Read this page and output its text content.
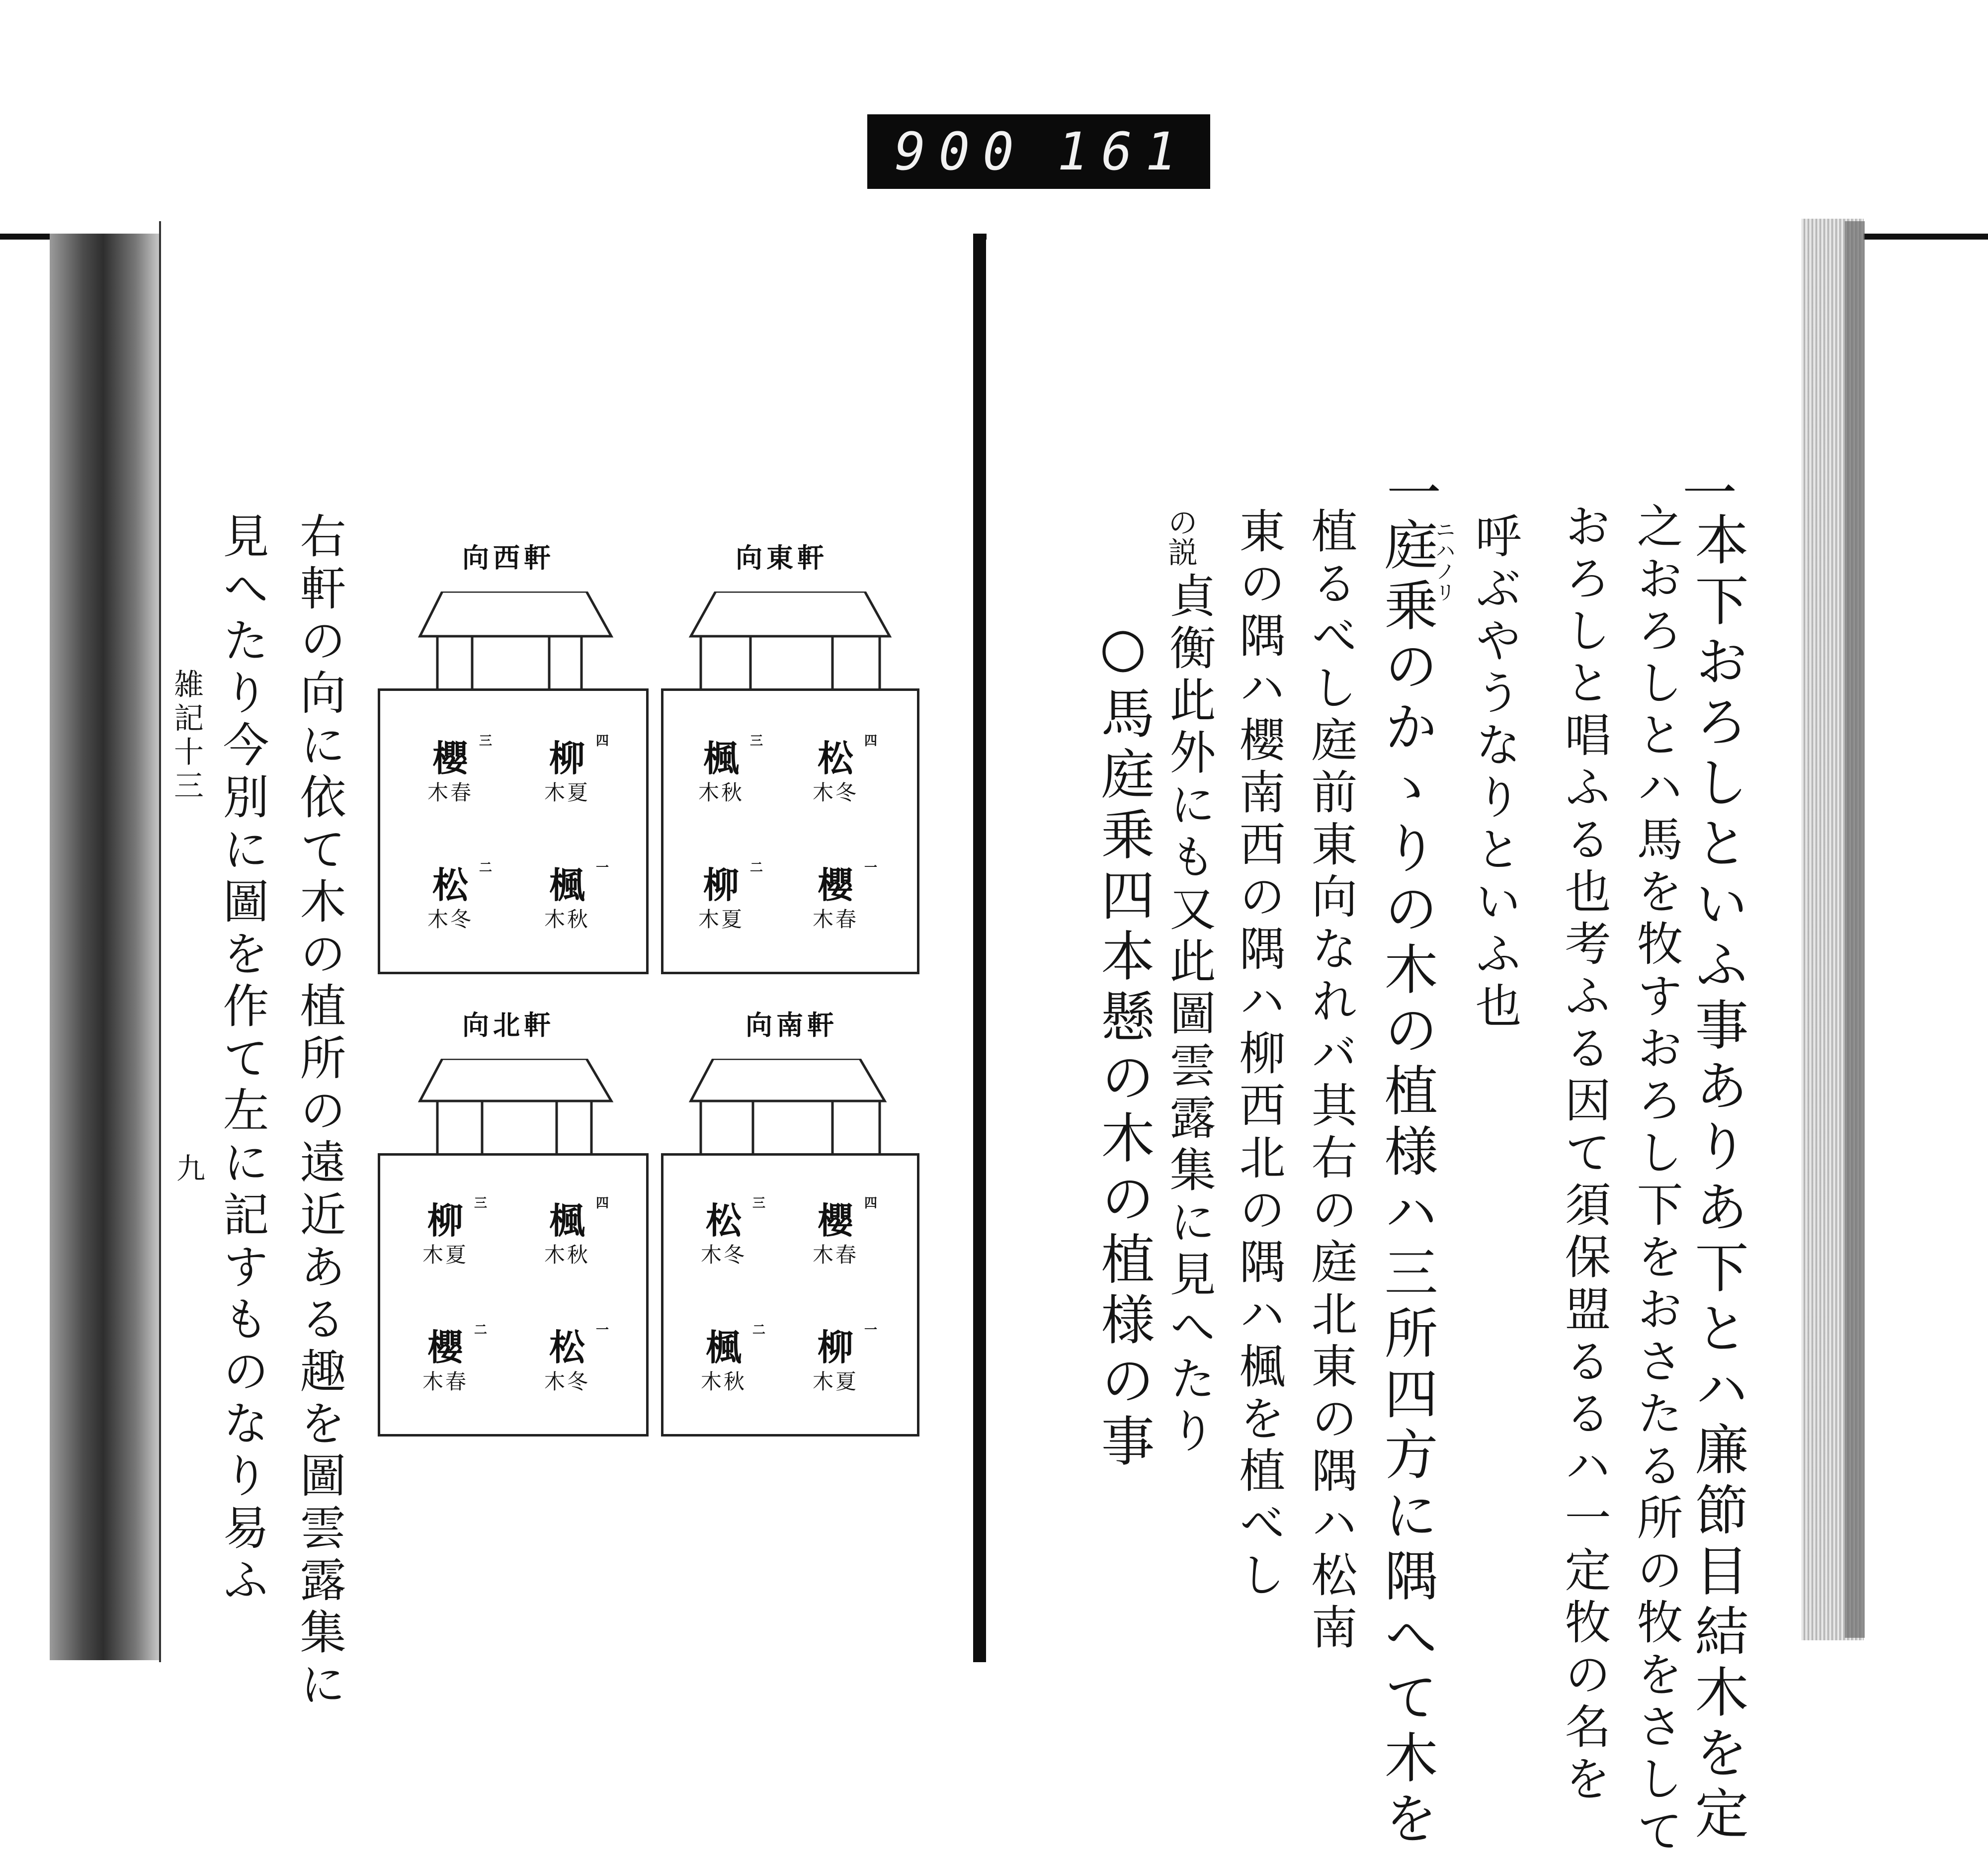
900 161
一
本下おろしといふ事ありあ下とハ廉節目結木を定
之おろしとハ馬を牧すおろし下をおさたる所の牧をさして
おろしと唱ふる也考ふる因て須保盟るるハ一定牧の名を
呼ぶやうなりといふ也
一
ニハノリ
庭乗のかゝりの木の植様ハ三所四方に隅へて木を
植るべし庭前東向なれバ其右の庭北東の隅ハ松南
東の隅ハ櫻南西の隅ハ柳西北の隅ハ楓を植べし
の説
貞衡此外にも又此圖雲露集に見へたり
○馬庭乗四本懸の木の植様の事
雑記十三
九 右軒の向に依て木の植所の遠近ある趣を圖雲露集に
見へたり今別に圖を作て左に記すものなり易ふ	向東軒
松
木冬
四
楓
木秋
三
櫻
木春
一
柳
木夏
二
向西軒
柳
木夏
四
櫻
木春
三
楓
木秋
一
松
木冬
二
向南軒
櫻
木春
四
松
木冬
三
柳
木夏
一
楓
木秋
二
向北軒
楓
木秋
四
柳
木夏
三
松
木冬
一
櫻
木春
二
